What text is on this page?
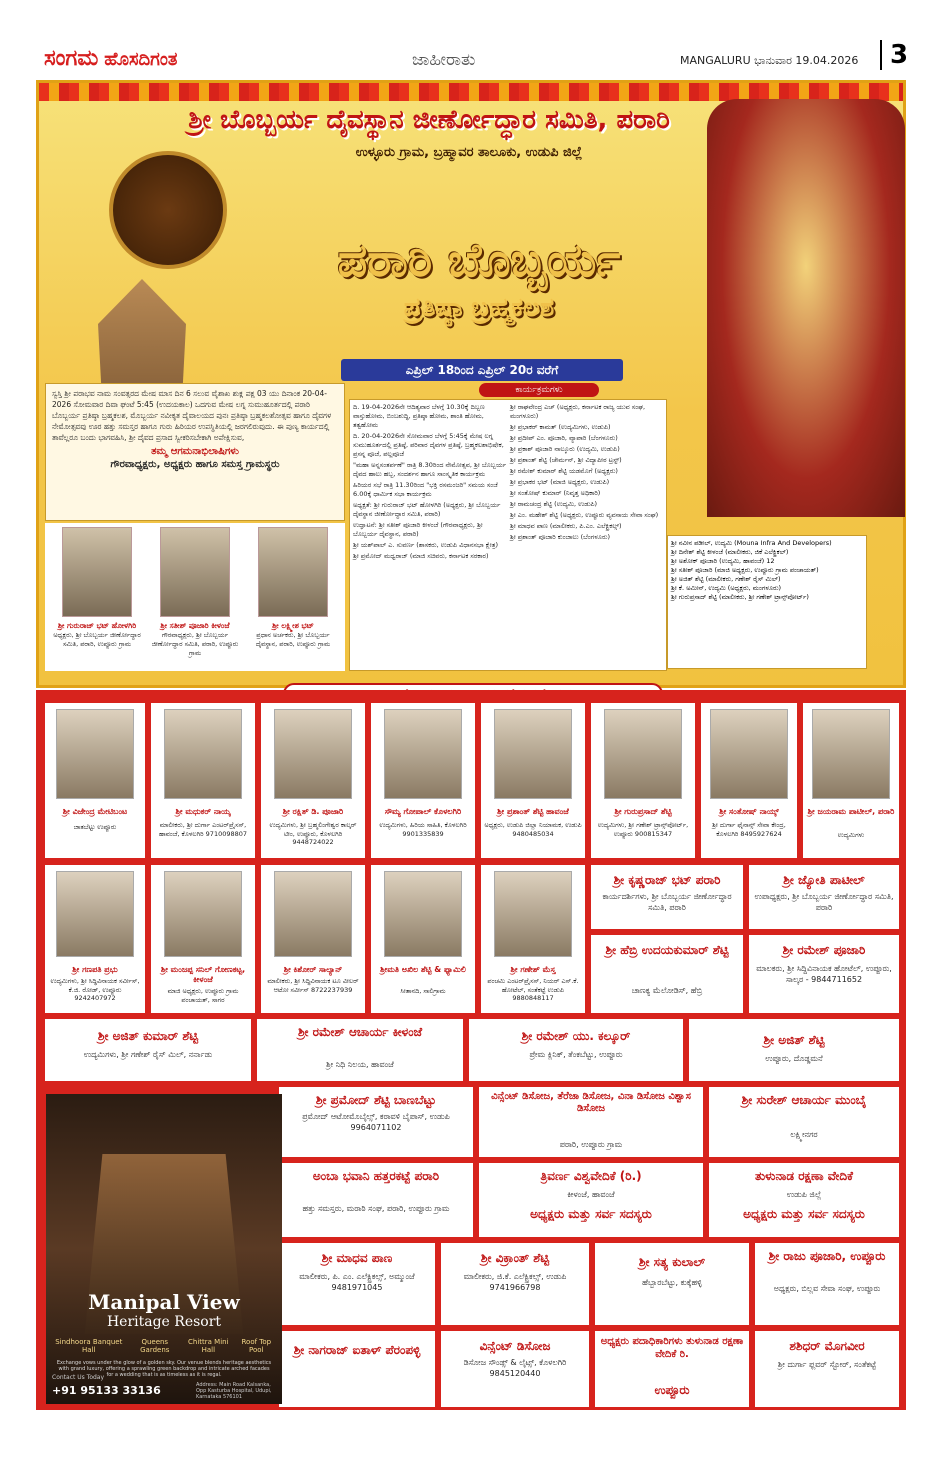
ಸಂಗಮ ಹೊಸದಿಗಂತ	ಜಾಹೀರಾತು	MANGALURU ಭಾನುವಾರ 19.04.2026	3
ಶ್ರೀ ಬೊಬ್ಬರ್ಯ ದೈವಸ್ಥಾನ ಜೀರ್ಣೋದ್ಧಾರ ಸಮಿತಿ, ಪರಾರಿ
ಉಳ್ಳೂರು ಗ್ರಾಮ, ಬ್ರಹ್ಮಾವರ ತಾಲೂಕು, ಉಡುಪಿ ಜಿಲ್ಲೆ
ಪರಾರಿ ಬೊಬ್ಬರ್ಯ
ಪ್ರತಿಷ್ಠಾ ಬ್ರಹ್ಮಕಲಶ
ಎಪ್ರಿಲ್ 18ರಿಂದ ಎಪ್ರಿಲ್ 20ರ ವರೆಗೆ
ಸ್ವಸ್ತಿ ಶ್ರೀ ಪರಾಭವ ನಾಮ ಸಂವತ್ಸರದ ಮೇಷ ಮಾಸ ದಿನ 6 ಸಲುವ ವೈಶಾಖ ಶುಕ್ಲ ಪಕ್ಷ 03 ಯು ದಿನಾಂಕ 20-04-2026 ಸೋಮವಾರ ದಿವಾ ಘಂಟೆ 5:45 (ಉದಯಕಾಲ) ಒದಗುವ ಮೇಷ ಲಗ್ನ ಸುಮುಹೂರ್ತದಲ್ಲಿ ಪರಾರಿ ಬೊಬ್ಬರ್ಯ ಪ್ರತಿಷ್ಠಾ ಬ್ರಹ್ಮಕಲಶ, ಮೊಬ್ಬರ್ಯ ನವೀಕೃತ ದೈವಾಲಯದ ಪುನಃ ಪ್ರತಿಷ್ಠಾ ಬ್ರಹ್ಮಕಲಶೋತ್ಸವ ಹಾಗೂ ದೈವಗಳ ನೇಮೋತ್ಸವವು ಊರ ಹತ್ತು ಸಮಸ್ತರ ಹಾಗೂ ಗುರು ಹಿರಿಯರ ಉಪಸ್ಥಿತಿಯಲ್ಲಿ ಜರಗಲಿರುವುದು. ಈ ಪುಣ್ಯ ಕಾರ್ಯದಲ್ಲಿ ತಾವೆಲ್ಲರೂ ಬಂದು ಭಾಗವಹಿಸಿ, ಶ್ರೀ ದೈವದ ಪ್ರಸಾದ ಸ್ವೀಕರಿಸಬೇಕಾಗಿ ಅಪೇಕ್ಷಿಸುವ,
ತಮ್ಮ ಆಗಮನಾಭಿಲಾಷಿಗಳು
ಗೌರವಾಧ್ಯಕ್ಷರು, ಅಧ್ಯಕ್ಷರು ಹಾಗೂ ಸಮಸ್ತ ಗ್ರಾಮಸ್ಥರು
ಕಾರ್ಯಕ್ರಮಗಳು

ದಿ. 19-04-2026ನೇ ಆದಿತ್ಯವಾರ ಬೆಳಗ್ಗೆ 10.30ಕ್ಕೆ ದಿಬ್ಬಣ ವಾಸ್ತುಹೋಮ, ಬಿಂಬಶುದ್ಧಿ, ಪ್ರತಿಷ್ಠಾ ಹೋಮ, ಶಾಂತಿ ಹೋಮ, ತತ್ವಹೋಮ

ದಿ. 20-04-2026ನೇ ಸೋಮವಾರ ಬೆಳಗ್ಗೆ 5:45ಕ್ಕೆ ಮೇಷ ಲಗ್ನ ಸುಮುಹೂರ್ತದಲ್ಲಿ ಪ್ರತಿಷ್ಠೆ, ಪರಿವಾರ ದೈವಗಳ ಪ್ರತಿಷ್ಠೆ, ಬ್ರಹ್ಮಕಲಶಾಭಿಷೇಕ, ಪ್ರಸನ್ನ ಪೂಜೆ, ಪಲ್ಲಪೂಜೆ

"ಮಹಾ ಅನ್ನಸಂತರ್ಪಣೆ" ರಾತ್ರಿ 8.30ರಿಂದ ನೇಮೋತ್ಸವ, ಶ್ರೀ ಬೊಬ್ಬರ್ಯ ದೈವದ ಹಾಲು ಹಬ್ಬ, ಸಂದರ್ಶನ ಹಾಗೂ ಸಾಂಸ್ಕೃತಿಕ ಕಾರ್ಯಕ್ರಮ

ಹಿರಿಯರ ಸಭೆ ರಾತ್ರಿ 11.30ರಿಂದ "ಭಕ್ತಿ ರಸಮಂಜರಿ" ಸಮಯ ಸಂಜೆ 6.00ಕ್ಕೆ ಧಾರ್ಮಿಕ ಸಭಾ ಕಾರ್ಯಕ್ರಮ

ಅಧ್ಯಕ್ಷತೆ: ಶ್ರೀ ಗುರುರಾಜ್ ಭಟ್ ಹೋಳಗಿರಿ (ಅಧ್ಯಕ್ಷರು, ಶ್ರೀ ಬೊಬ್ಬರ್ಯ ದೈವಸ್ಥಾನ ಜೀರ್ಣೋದ್ಧಾರ ಸಮಿತಿ, ಪರಾರಿ)

ಉದ್ಘಾಟನೆ: ಶ್ರೀ ಸತೀಶ್ ಪೂಜಾರಿ ಕೀಳಂಜೆ (ಗೌರವಾಧ್ಯಕ್ಷರು, ಶ್ರೀ ಬೊಬ್ಬರ್ಯ ದೈವಸ್ಥಾನ, ಪರಾರಿ)

ಶ್ರೀ ಯಶ್‌ಪಾಲ್ ಎ. ಸುವರ್ಣ (ಶಾಸಕರು, ಉಡುಪಿ ವಿಧಾನಸಭಾ ಕ್ಷೇತ್ರ)

ಶ್ರೀ ಪ್ರಮೋದ್ ಮಧ್ವರಾಜ್ (ಮಾಜಿ ಸಚಿವರು, ಕರ್ನಾಟಕ ಸರಕಾರ)

ಶ್ರೀ ರಾಘವೇಂದ್ರ ಎಚ್ (ಅಧ್ಯಕ್ಷರು, ಕರ್ನಾಟಕ ರಾಜ್ಯ ಯುವ ಸಂಘ, ಮಂಗಳೂರು)

ಶ್ರೀ ಪ್ರಭಾಕರ್ ಕಾಮತ್ (ಉದ್ಯಮಿಗಳು, ಉಡುಪಿ)

ಶ್ರೀ ಪ್ರದೀಪ್ ಎಂ. ಪೂಜಾರಿ, ವ್ಯಾಪಾರಿ (ಬೆಂಗಳೂರು)

ಶ್ರೀ ಪ್ರಕಾಶ್ ಪೂಜಾರಿ ನಾಲ್ಕೂರು (ಉದ್ಯಮಿ, ಉಡುಪಿ)

ಶ್ರೀ ಪ್ರಶಾಂತ್ ಶೆಟ್ಟಿ (ಚೇರ್ಮನ್, ಶ್ರೀ ವಿದ್ಯಾಪೀಠ ಟ್ರಸ್ಟ್)

ಶ್ರೀ ರಮೇಶ್ ಕುಮಾರ್ ಶೆಟ್ಟಿ ಯಡಮೊಗೆ (ಅಧ್ಯಕ್ಷರು)

ಶ್ರೀ ಪ್ರಭಾಕರ ಭಟ್ (ಮಾಜಿ ಅಧ್ಯಕ್ಷರು, ಉಡುಪಿ)

ಶ್ರೀ ಸಂತೋಷ್ ಕುಮಾರ್ (ನಿವೃತ್ತ ಅಧಿಕಾರಿ)

ಶ್ರೀ ರಾಮಚಂದ್ರ ಶೆಟ್ಟಿ (ಉದ್ಯಮಿ, ಉಡುಪಿ)

ಶ್ರೀ ಎಂ. ಮಹೇಶ್ ಶೆಟ್ಟಿ (ಅಧ್ಯಕ್ಷರು, ಉಪ್ಪೂರು ವ್ಯವಸಾಯ ಸೇವಾ ಸಂಘ)

ಶ್ರೀ ಮಾಧವ ಪಾಣ (ಮಾಲೀಕರು, ಪಿ.ಎಂ. ಎಲೆಕ್ಟ್ರಿಕಲ್ಸ್)

ಶ್ರೀ ಪ್ರಶಾಂತ್ ಪೂಜಾರಿ ಕುಂಜಾಲು (ಬೆಂಗಳೂರು)

ಶ್ರೀ ನವೀನ ಪಡೀಲ್, ಉದ್ಯಮಿ (Mouna Infra And Developers)

ಶ್ರೀ ದಿನೇಶ್ ಶೆಟ್ಟಿ ಕೀಳಂಜೆ (ಮಾಲೀಕರು, ಜಿಕೆ ಎಲೆಕ್ಟ್ರಿಕಲ್)

ಶ್ರೀ ಅಶೋಕ್ ಪೂಜಾರಿ (ಉದ್ಯಮಿ, ಹಾವಂಜೆ) 12

ಶ್ರೀ ಸತೀಶ್ ಪೂಜಾರಿ (ಮಾಜಿ ಅಧ್ಯಕ್ಷರು, ಉಪ್ಪೂರು ಗ್ರಾಮ ಪಂಚಾಯತ್)

ಶ್ರೀ ಅಜಿತ್ ಶೆಟ್ಟಿ (ಮಾಲೀಕರು, ಗಣೇಶ್ ರೈಸ್ ಮಿಲ್)

ಶ್ರೀ ಕೆ. ಅಮೀನ್, ಉದ್ಯಮಿ (ಅಧ್ಯಕ್ಷರು, ಮಂಗಳೂರು)

ಶ್ರೀ ಗುರುಪ್ರಸಾದ್ ಶೆಟ್ಟಿ (ಮಾಲೀಕರು, ಶ್ರೀ ಗಣೇಶ್ ಟ್ರಾನ್ಸ್‌ಪೋರ್ಟ್)

ಶ್ರೀ ಗುರುರಾಜ್ ಭಟ್ ಹೋಳಗಿರಿ
ಅಧ್ಯಕ್ಷರು, ಶ್ರೀ ಬೊಬ್ಬರ್ಯ ಜೀರ್ಣೋದ್ಧಾರ ಸಮಿತಿ, ಪರಾರಿ, ಉಪ್ಪೂರು ಗ್ರಾಮ
ಶ್ರೀ ಸತೀಶ್ ಪೂಜಾರಿ ಕೀಳಂಜೆ
ಗೌರವಾಧ್ಯಕ್ಷರು, ಶ್ರೀ ಬೊಬ್ಬರ್ಯ ಜೀರ್ಣೋದ್ಧಾರ ಸಮಿತಿ, ಪರಾರಿ, ಉಪ್ಪೂರು ಗ್ರಾಮ
ಶ್ರೀ ಲಕ್ಷ್ಮೀಶ ಭಟ್
ಪ್ರಧಾನ ಅರ್ಚಕರು, ಶ್ರೀ ಬೊಬ್ಬರ್ಯ ದೈವಸ್ಥಾನ, ಪರಾರಿ, ಉಪ್ಪೂರು ಗ್ರಾಮ
ಶ್ರೀ ವಿಜೇಂದ್ರ ಮೇಟಿಬಂಟ
ಜಾತಬೆಟ್ಟು ಉಪ್ಪೂರು
ಶ್ರೀ ಮಧುಕರ್ ನಾಯ್ಕ
ಮಾಲೀಕರು, ಶ್ರೀ ದುರ್ಗಾ ಎಂಟರ್‌ಪ್ರೈಸಸ್, ಹಾವಂಜೆ, ಕೊಳಲಗಿರಿ 9710098807
ಶ್ರೀ ರಕ್ಷಿತ್ ಡಿ. ಪೂಜಾರಿ
ಉದ್ಯಮಿಗಳು, ಶ್ರೀ ಬ್ರಹ್ಮಲಿಂಗೇಶ್ವರ ಕಾಲ್ಕರ್ ಟೀಂ, ಉಪ್ಪೂರು, ಕೊಳಲಗಿರಿ 9448724022
ಸೌಮ್ಯ ಗೋಪಾಲ್ ಕೊಳಲಗಿರಿ
ಉದ್ಯಮಿಗಳು, ಹಿರಿಯ ಸಾಹಿತಿ, ಕೊಳಲಗಿರಿ 9901335839
ಶ್ರೀ ಪ್ರಶಾಂತ್ ಶೆಟ್ಟಿ ಹಾವಂಜೆ
ಅಧ್ಯಕ್ಷರು, ಉಡುಪಿ ಜಿಲ್ಲಾ ನಿಯಾಮಕ, ಉಡುಪಿ 9480485034
ಶ್ರೀ ಗುರುಪ್ರಸಾದ್ ಶೆಟ್ಟಿ
ಉದ್ಯಮಿಗಳು, ಶ್ರೀ ಗಣೇಶ್ ಟ್ರಾನ್ಸ್‌ಪೋರ್ಟ್, ಉಪ್ಪೂರು 900815347
ಶ್ರೀ ಸಂತೋಷ್ ನಾಯ್ಕ್
ಶ್ರೀ ದುರ್ಗಾ ಫೈನಾನ್ಸ್ ಸೇವಾ ಕೇಂದ್ರ, ಕೊಳಲಗಿರಿ 8495927624
ಶ್ರೀ ಜಯರಾಮ ಪಾಟೀಲ್, ಪರಾರಿ
ಉದ್ಯಮಿಗಳು
ಶ್ರೀ ಗಣಪತಿ ಪ್ರಭು
ಉದ್ಯಮಿಗಳು, ಶ್ರೀ ಸಿದ್ಧಿವಿನಾಯಕ ಸರ್ವೀಸ್, ಕೆ.ಜಿ. ರೋಡ್, ಉಪ್ಪೂರು 9242407972
ಶ್ರೀ ಮಂಜಪ್ಪ ಸನಿಲ್ ಗೋಣಕಟ್ಟ, ಕೀಳಂಜೆ
ಮಾಜಿ ಅಧ್ಯಕ್ಷರು, ಉಪ್ಪೂರು ಗ್ರಾಮ ಪಂಚಾಯತ್, ಸಾಗರ
ಶ್ರೀ ಕಿಶೋರ್ ಸಾಲ್ಯಾನ್
ಮಾಲೀಕರು, ಶ್ರೀ ಸಿದ್ಧಿವಿನಾಯಕ ಟೂ ವೀಲರ್ ಆಟೋ ಸರ್ವೀಸ್ 8722237939
ಶ್ರೀಮತಿ ಅಖಿಲ ಶೆಟ್ಟಿ & ಫ್ಯಾಮಿಲಿ
ಸೀತಾನದಿ, ಸಾಲಿಗ್ರಾಮ
ಶ್ರೀ ಗಣೇಶ್ ಮೆಸ್ತ
ಪಂಚಮಿ ಎಂಟರ್‌ಪ್ರೈಸಸ್, ನಿಯರ್ ಎಸ್.ಕೆ. ಹೋಟೆಲ್, ಸಂತೆಕಟ್ಟೆ ಉಡುಪಿ 9880848117
ಶ್ರೀ ಕೃಷ್ಣರಾಜ್ ಭಟ್ ಪರಾರಿ
ಕಾರ್ಯದರ್ಶಿಗಳು, ಶ್ರೀ ಬೊಬ್ಬರ್ಯ ಜೀರ್ಣೋದ್ಧಾರ ಸಮಿತಿ, ಪರಾರಿ
ಶ್ರೀ ಜ್ಯೋತಿ ಪಾಟೀಲ್
ಉಪಾಧ್ಯಕ್ಷರು, ಶ್ರೀ ಬೊಬ್ಬರ್ಯ ಜೀರ್ಣೋದ್ಧಾರ ಸಮಿತಿ, ಪರಾರಿ
ಶ್ರೀ ಹೆಬ್ರಿ ಉದಯಕುಮಾರ್ ಶೆಟ್ಟಿ
ಚಾಣಕ್ಯ ಮೆಲೋಡಿಸ್, ಹೆಬ್ರಿ
ಶ್ರೀ ರಮೇಶ್ ಪೂಜಾರಿ
ಮಾಲಕರು, ಶ್ರೀ ಸಿದ್ದಿವಿನಾಯಕ ಹೋಟೆಲ್, ಉಪ್ಪೂರು, ಸಾಲ್ಕರ - 9844711652
ಶ್ರೀ ಅಜಿತ್ ಕುಮಾರ್ ಶೆಟ್ಟಿ
ಉದ್ಯಮಿಗಳು, ಶ್ರೀ ಗಣೇಶ್ ರೈಸ್ ಮಿಲ್, ನರ್ನಾಡು
ಶ್ರೀ ರಮೇಶ್ ಆಚಾರ್ಯ ಕೀಳಂಜೆ
ಶ್ರೀ ನಿಧಿ ನಿಲಯ, ಹಾವಂಜೆ
ಶ್ರೀ ರಮೇಶ್ ಯು. ಕಲ್ಕೂರ್
ಪ್ರೇಮ ಕ್ಲಿನಿಕ್, ತೆಂಕಬೆಟ್ಟು, ಉಪ್ಪೂರು
ಶ್ರೀ ಅಜಿತ್ ಶೆಟ್ಟಿ
ಉಪ್ಪೂರು, ದೊಡ್ಡಮನೆ
ಶ್ರೀ ಪ್ರಮೋದ್ ಶೆಟ್ಟಿ ಬಾಣಬೆಟ್ಟು
ಪ್ರಮೋದ್ ಆಟೋಮೊಬೈಲ್ಸ್, ಕರಾವಳಿ ಬೈಪಾಸ್, ಉಡುಪಿ 9964071102
ವಿನ್ಸೆಂಟ್ ಡಿಸೋಜ, ತೆರೆಜಾ ಡಿಸೋಜ, ವಿನಾ ಡಿಸೋಜ ವಿಶ್ವಾಸ ಡಿಸೋಜ
ಪರಾರಿ, ಉಪ್ಪೂರು ಗ್ರಾಮ
ಶ್ರೀ ಸುರೇಶ್ ಆಚಾರ್ಯ ಮುಂಬೈ
ಲಕ್ಷ್ಮೀನಗರ
ಅಂಬಾ ಭವಾನಿ ಹತ್ತರಕಟ್ಟೆ ಪರಾರಿ
ಹತ್ತು ಸಮಸ್ತರು, ಮರಾಠಿ ಸಂಘ, ಪರಾರಿ, ಉಪ್ಪೂರು ಗ್ರಾಮ
ತ್ರಿವರ್ಣ ವಿಶ್ವವೇದಿಕೆ (ರಿ.)
ಕೀಳಂಜೆ, ಹಾವಂಜೆ
ಅಧ್ಯಕ್ಷರು ಮತ್ತು ಸರ್ವ ಸದಸ್ಯರು
ತುಳುನಾಡ ರಕ್ಷಣಾ ವೇದಿಕೆ
ಉಡುಪಿ ಜಿಲ್ಲೆ
ಅಧ್ಯಕ್ಷರು ಮತ್ತು ಸರ್ವ ಸದಸ್ಯರು
ಶ್ರೀ ಮಾಧವ ಪಾಣ
ಮಾಲೀಕರು, ಪಿ. ಎಂ. ಎಲೆಕ್ಟ್ರಿಕಲ್ಸ್, ಅಮ್ಮುಂಜೆ 9481971045
ಶ್ರೀ ವಿಕ್ರಾಂತ್ ಶೆಟ್ಟಿ
ಮಾಲೀಕರು, ಜಿ.ಕೆ. ಎಲೆಕ್ಟ್ರಿಕಲ್ಸ್, ಉಡುಪಿ 9741966798
ಶ್ರೀ ಸತ್ಯ ಕುಲಾಲ್
ಹೆಬ್ಬಾರಬೆಟ್ಟು, ಕುಕ್ಕೆಹಳ್ಳಿ
ಶ್ರೀ ರಾಜು ಪೂಜಾರಿ, ಉಪ್ಪೂರು
ಅಧ್ಯಕ್ಷರು, ಬಿಲ್ಲವ ಸೇವಾ ಸಂಘ, ಉಪ್ಪೂರು
ಶ್ರೀ ನಾಗರಾಜ್ ಐತಾಳ್ ಪೆರಂಪಳ್ಳಿ	ವಿನ್ಸೆಂಟ್ ಡಿಸೋಜ
ಡಿಸೋಜ ಸೌಂಡ್ಸ್ & ಲೈಟ್ಸ್, ಕೊಳಲಗಿರಿ 9845120440
ಅಧ್ಯಕ್ಷರು ಪದಾಧಿಕಾರಿಗಳು ತುಳುನಾಡ ರಕ್ಷಣಾ ವೇದಿಕೆ ರಿ.
ಉಪ್ಪೂರು
ಶಶಿಧರ್ ಮೊಗವೀರ
ಶ್ರೀ ದುರ್ಗಾ ಫ್ಲವರ್ ಸ್ಟೋರ್, ಸಂತೆಕಟ್ಟೆ
Manipal View
Heritage Resort
Sindhoora Banquet Hall
Queens Gardens
Chittra Mini Hall
Roof Top Pool
Exchange vows under the glow of a golden sky. Our venue blends heritage aesthetics with grand luxury, offering a sprawling green backdrop and intricate arched facades for a wedding that is as timeless as it is regal.
Contact Us Today
+91 95133 33136	Address: Main Road Kalsanka, Opp Kasturba Hospital, Udupi, Karnataka 576101
